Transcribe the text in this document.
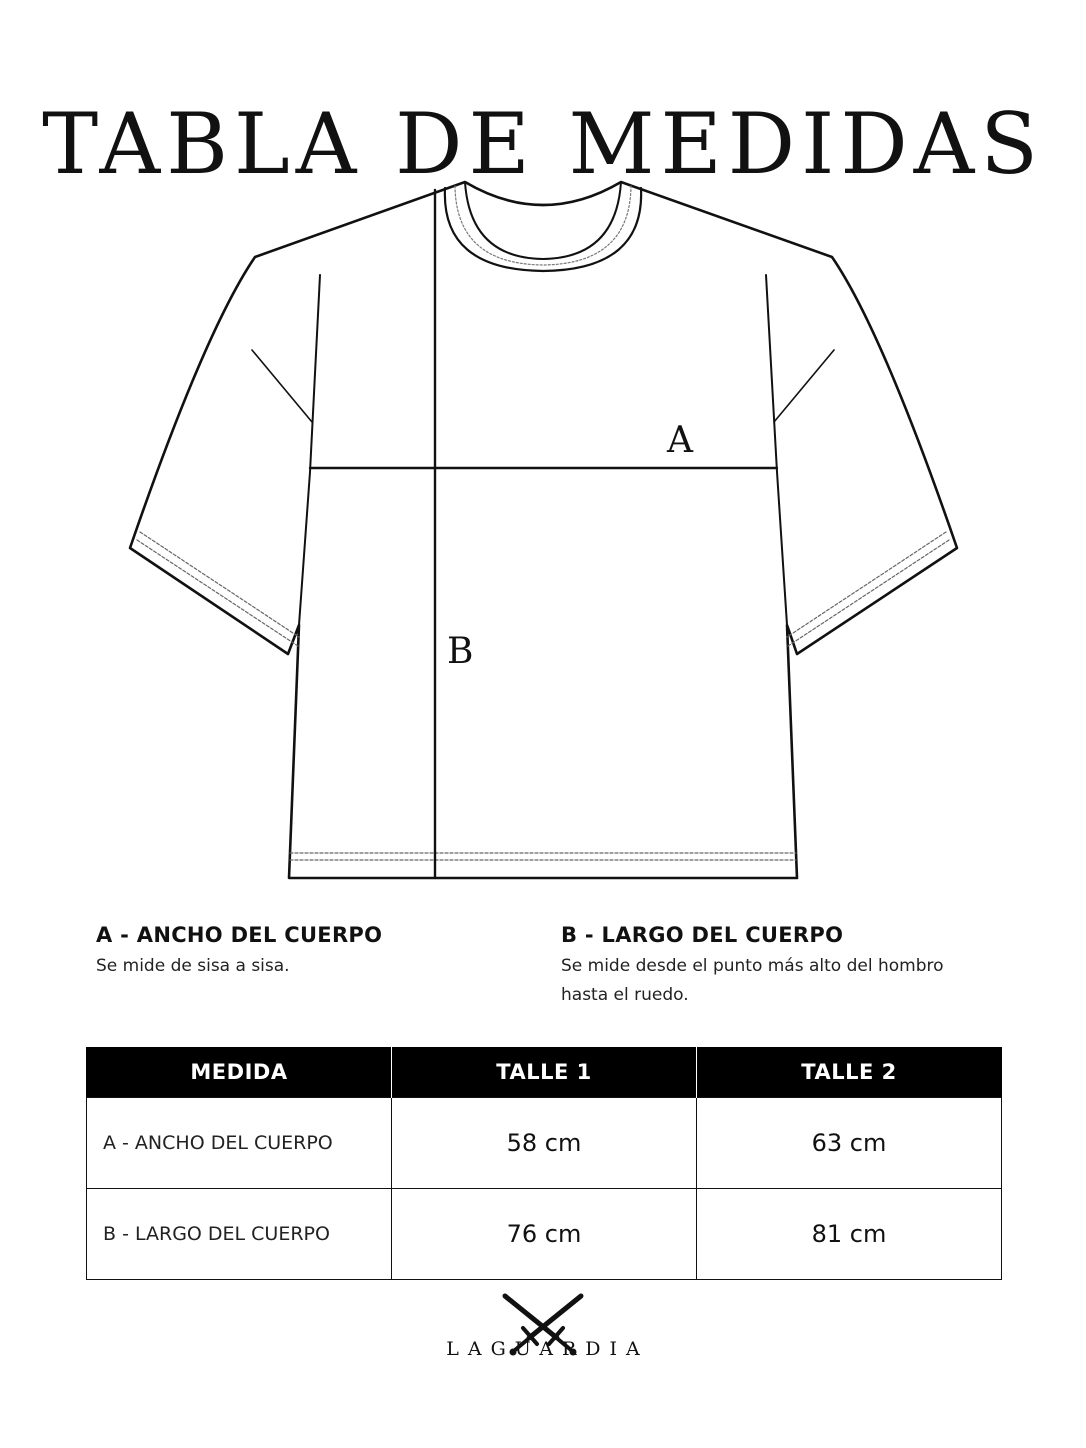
TABLA DE MEDIDAS
A
B
A - ANCHO DEL CUERPO

Se mide de sisa a sisa.

B - LARGO DEL CUERPO

Se mide desde el punto más alto del hombro

hasta el ruedo.

MEDIDA	TALLE 1	TALLE 2
A - ANCHO DEL CUERPO	58 cm	63 cm
B - LARGO DEL CUERPO	76 cm	81 cm
LAGUARDIA
